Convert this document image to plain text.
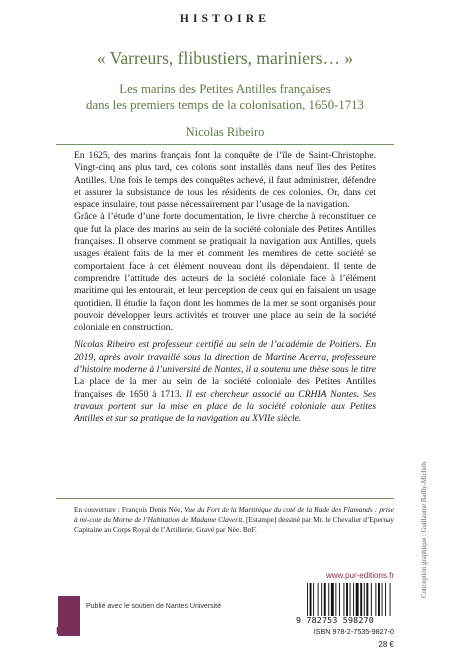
HISTOIRE
« Varreurs, flibustiers, mariniers… »
Les marins des Petites Antilles françaises
dans les premiers temps de la colonisation, 1650-1713
Nicolas Ribeiro

En 1625, des marins français font la conquête de l’île de Saint-Christophe. Vingt-cinq ans plus tard, ces colons sont installés dans neuf îles des Petites Antilles. Une fois le temps des conquêtes achevé, il faut administrer, défendre et assurer la subsistance de tous les résidents de ces colonies. Or, dans cet espace insulaire, tout passe nécessairement par l’usage de la navigation.

Grâce à l’étude d’une forte documentation, le livre cherche à reconstituer ce que fut la place des marins au sein de la société coloniale des Petites Antilles françaises. Il observe comment se pratiquait la navigation aux Antilles, quels usages étaient faits de la mer et comment les membres de cette société se comportaient face à cet élément nouveau dont ils dépendaient. Il tente de comprendre l’attitude des acteurs de la société coloniale face à l’élément maritime qui les entourait, et leur perception de ceux qui en faisaient un usage quotidien. Il étudie la façon dont les hommes de la mer se sont organisés pour pouvoir développer leurs activités et trouver une place au sein de la société coloniale en construction.

Nicolas Ribeiro est professeur certifié au sein de l’académie de Poitiers. En 2019, après avoir travaillé sous la direction de Martine Acerra, professeure d’histoire moderne à l’université de Nantes, il a soutenu une thèse sous le titre La place de la mer au sein de la société coloniale des Petites Antilles françaises de 1650 à 1713. Il est chercheur associé au CRHIA Nantes. Ses travaux portent sur la mise en place de la société coloniale aux Petites Antilles et sur sa pratique de la navigation au XVIIe siècle.

En couverture : François Denis Née, Vue du Fort de la Martinique du coté de la Rade des Flamands : prise à mi-cote du Morne de l’Habitation de Madame Claverit. [Estampe] dessiné par Mr. le Chevalier d’Epernay Capitaine au Corps Royal de l’Artillerie. Gravé par Née. BnF.	Conception graphique : Guillaume Bailly-Michels
PUR
Publié avec le soutien de Nantes Université
www.pur-editions.fr
9 782753 598270
ISBN 978-2-7535-9827-0
28 €
